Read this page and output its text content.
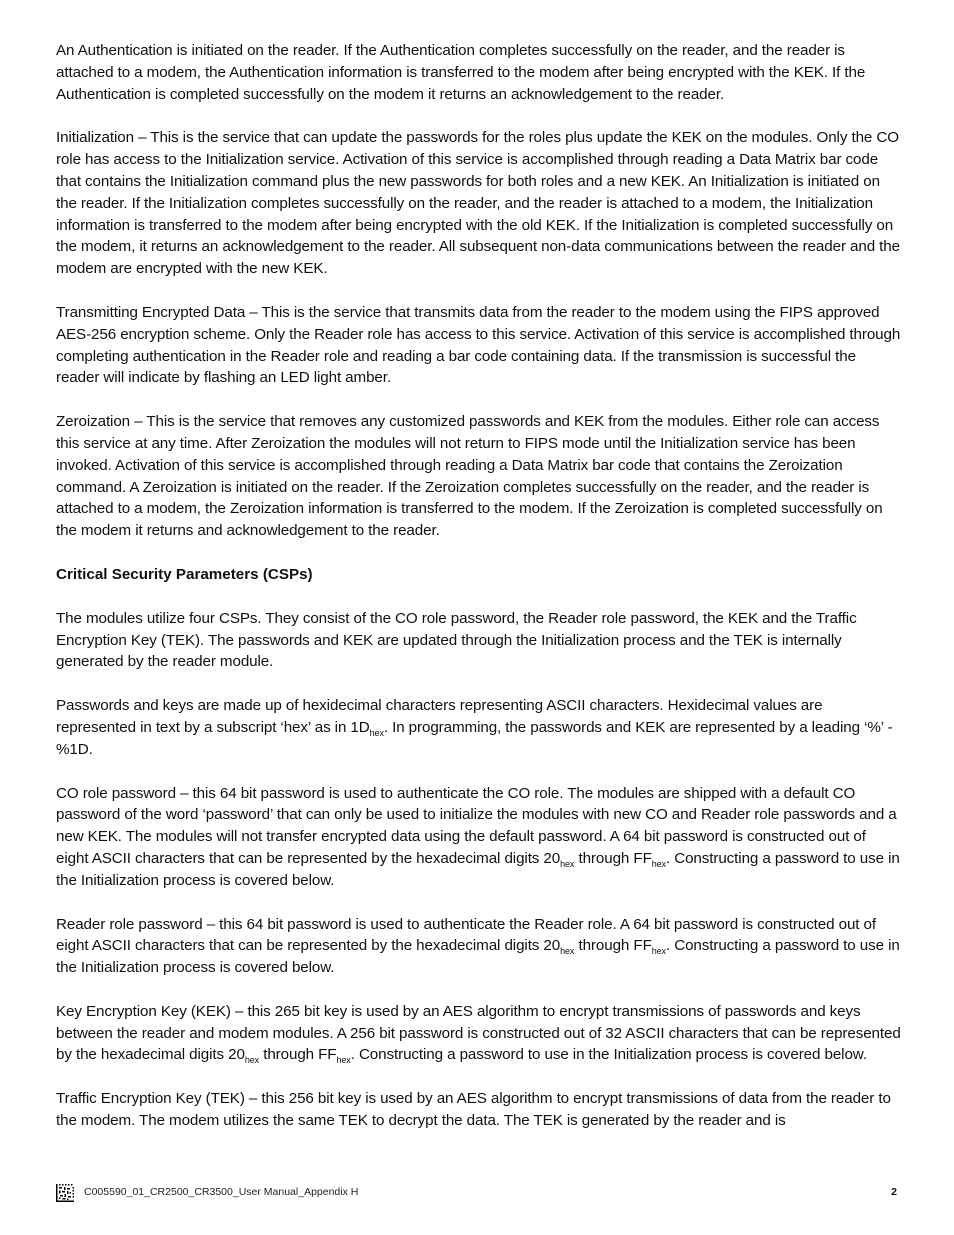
An Authentication is initiated on the reader. If the Authentication completes successfully on the reader, and the reader is attached to a modem, the Authentication information is transferred to the modem after being encrypted with the KEK. If the Authentication is completed successfully on the modem it returns an acknowledgement to the reader.

Initialization – This is the service that can update the passwords for the roles plus update the KEK on the modules. Only the CO role has access to the Initialization service. Activation of this service is accomplished through reading a Data Matrix bar code that contains the Initialization command plus the new passwords for both roles and a new KEK. An Initialization is initiated on the reader. If the Initialization completes successfully on the reader, and the reader is attached to a modem, the Initialization information is transferred to the modem after being encrypted with the old KEK. If the Initialization is completed successfully on the modem, it returns an acknowledgement to the reader. All subsequent non-data communications between the reader and the modem are encrypted with the new KEK.

Transmitting Encrypted Data – This is the service that transmits data from the reader to the modem using the FIPS approved AES-256 encryption scheme. Only the Reader role has access to this service. Activation of this service is accomplished through completing authentication in the Reader role and reading a bar code containing data. If the transmission is successful the reader will indicate by flashing an LED light amber.

Zeroization – This is the service that removes any customized passwords and KEK from the modules. Either role can access this service at any time. After Zeroization the modules will not return to FIPS mode until the Initialization service has been invoked. Activation of this service is accomplished through reading a Data Matrix bar code that contains the Zeroization command. A Zeroization is initiated on the reader. If the Zeroization completes successfully on the reader, and the reader is attached to a modem, the Zeroization information is transferred to the modem. If the Zeroization is completed successfully on the modem it returns and acknowledgement to the reader.

Critical Security Parameters (CSPs)

The modules utilize four CSPs. They consist of the CO role password, the Reader role password, the KEK and the Traffic Encryption Key (TEK). The passwords and KEK are updated through the Initialization process and the TEK is internally generated by the reader module.

Passwords and keys are made up of hexidecimal characters representing ASCII characters. Hexidecimal values are represented in text by a subscript ‘hex’ as in $1D_{hex}$. In programming, the passwords and KEK are represented by a leading ‘%’ - %1D.

CO role password – this 64 bit password is used to authenticate the CO role. The modules are shipped with a default CO password of the word ‘password’ that can only be used to initialize the modules with new CO and Reader role passwords and a new KEK. The modules will not transfer encrypted data using the default password. A 64 bit password is constructed out of eight ASCII characters that can be represented by the hexadecimal digits $20_{hex}$ through $FF_{hex}$. Constructing a password to use in the Initialization process is covered below.

Reader role password – this 64 bit password is used to authenticate the Reader role. A 64 bit password is constructed out of eight ASCII characters that can be represented by the hexadecimal digits $20_{hex}$ through $FF_{hex}$. Constructing a password to use in the Initialization process is covered below.

Key Encryption Key (KEK) – this 265 bit key is used by an AES algorithm to encrypt transmissions of passwords and keys between the reader and modem modules. A 256 bit password is constructed out of 32 ASCII characters that can be represented by the hexadecimal digits $20_{hex}$ through $FF_{hex}$. Constructing a password to use in the Initialization process is covered below.

Traffic Encryption Key (TEK) – this 256 bit key is used by an AES algorithm to encrypt transmissions of data from the reader to the modem. The modem utilizes the same TEK to decrypt the data. The TEK is generated by the reader and is

C005590_01_CR2500_CR3500_User Manual_Appendix H	2
